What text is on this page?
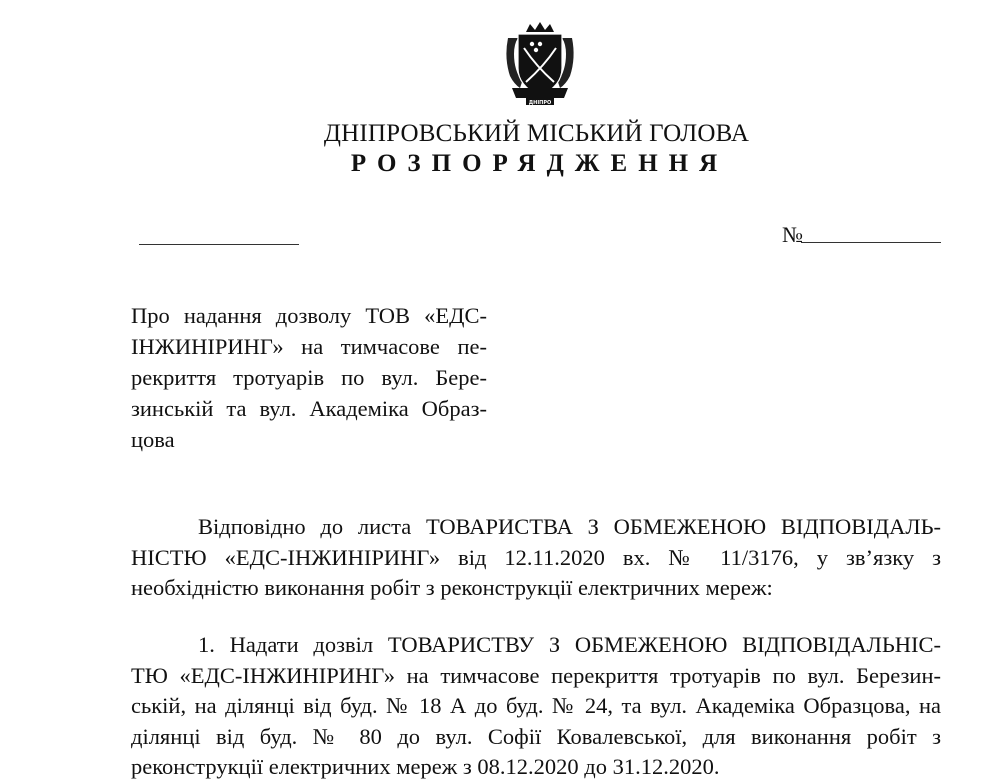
ДНІПРО
ДНІПРОВСЬКИЙ МІСЬКИЙ ГОЛОВА
РОЗПОРЯДЖЕННЯ
№
Про надання дозволу ТОВ «ЕДС-
ІНЖИНІРИНГ» на тимчасове пе-
рекриття тротуарів по вул. Бере-
зинській та вул. Академіка Образ-
цова
Відповідно до листа ТОВАРИСТВА З ОБМЕЖЕНОЮ ВІДПОВІДАЛЬ-
НІСТЮ «ЕДС-ІНЖИНІРИНГ» від 12.11.2020 вх. № 11/3176, у зв’язку з
необхідністю виконання робіт з реконструкції електричних мереж:
1. Надати дозвіл ТОВАРИСТВУ З ОБМЕЖЕНОЮ ВІДПОВІДАЛЬНІС-
ТЮ «ЕДС-ІНЖИНІРИНГ» на тимчасове перекриття тротуарів по вул. Березин-
ській, на ділянці від буд. № 18 А до буд. № 24, та вул. Академіка Образцова, на
ділянці від буд. № 80 до вул. Софії Ковалевської, для виконання робіт з
реконструкції електричних мереж з 08.12.2020 до 31.12.2020.
